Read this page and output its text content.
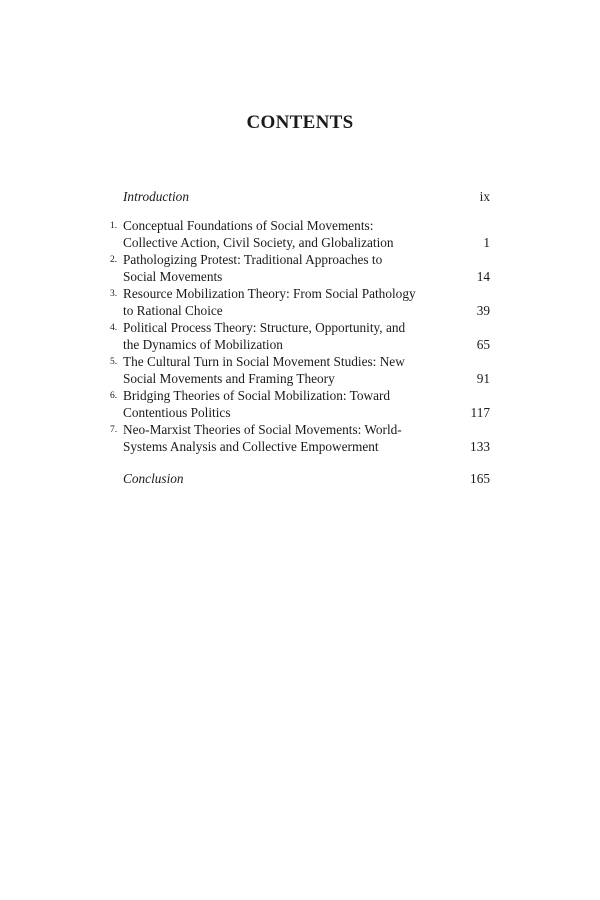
CONTENTS
Introduction	ix
1. Conceptual Foundations of Social Movements:
Collective Action, Civil Society, and Globalization	1
2. Pathologizing Protest: Traditional Approaches to
Social Movements	14
3. Resource Mobilization Theory: From Social Pathology
to Rational Choice	39
4. Political Process Theory: Structure, Opportunity, and
the Dynamics of Mobilization	65
5. The Cultural Turn in Social Movement Studies: New
Social Movements and Framing Theory	91
6. Bridging Theories of Social Mobilization: Toward
Contentious Politics	117
7. Neo-Marxist Theories of Social Movements: World-
Systems Analysis and Collective Empowerment	133
Conclusion	165
